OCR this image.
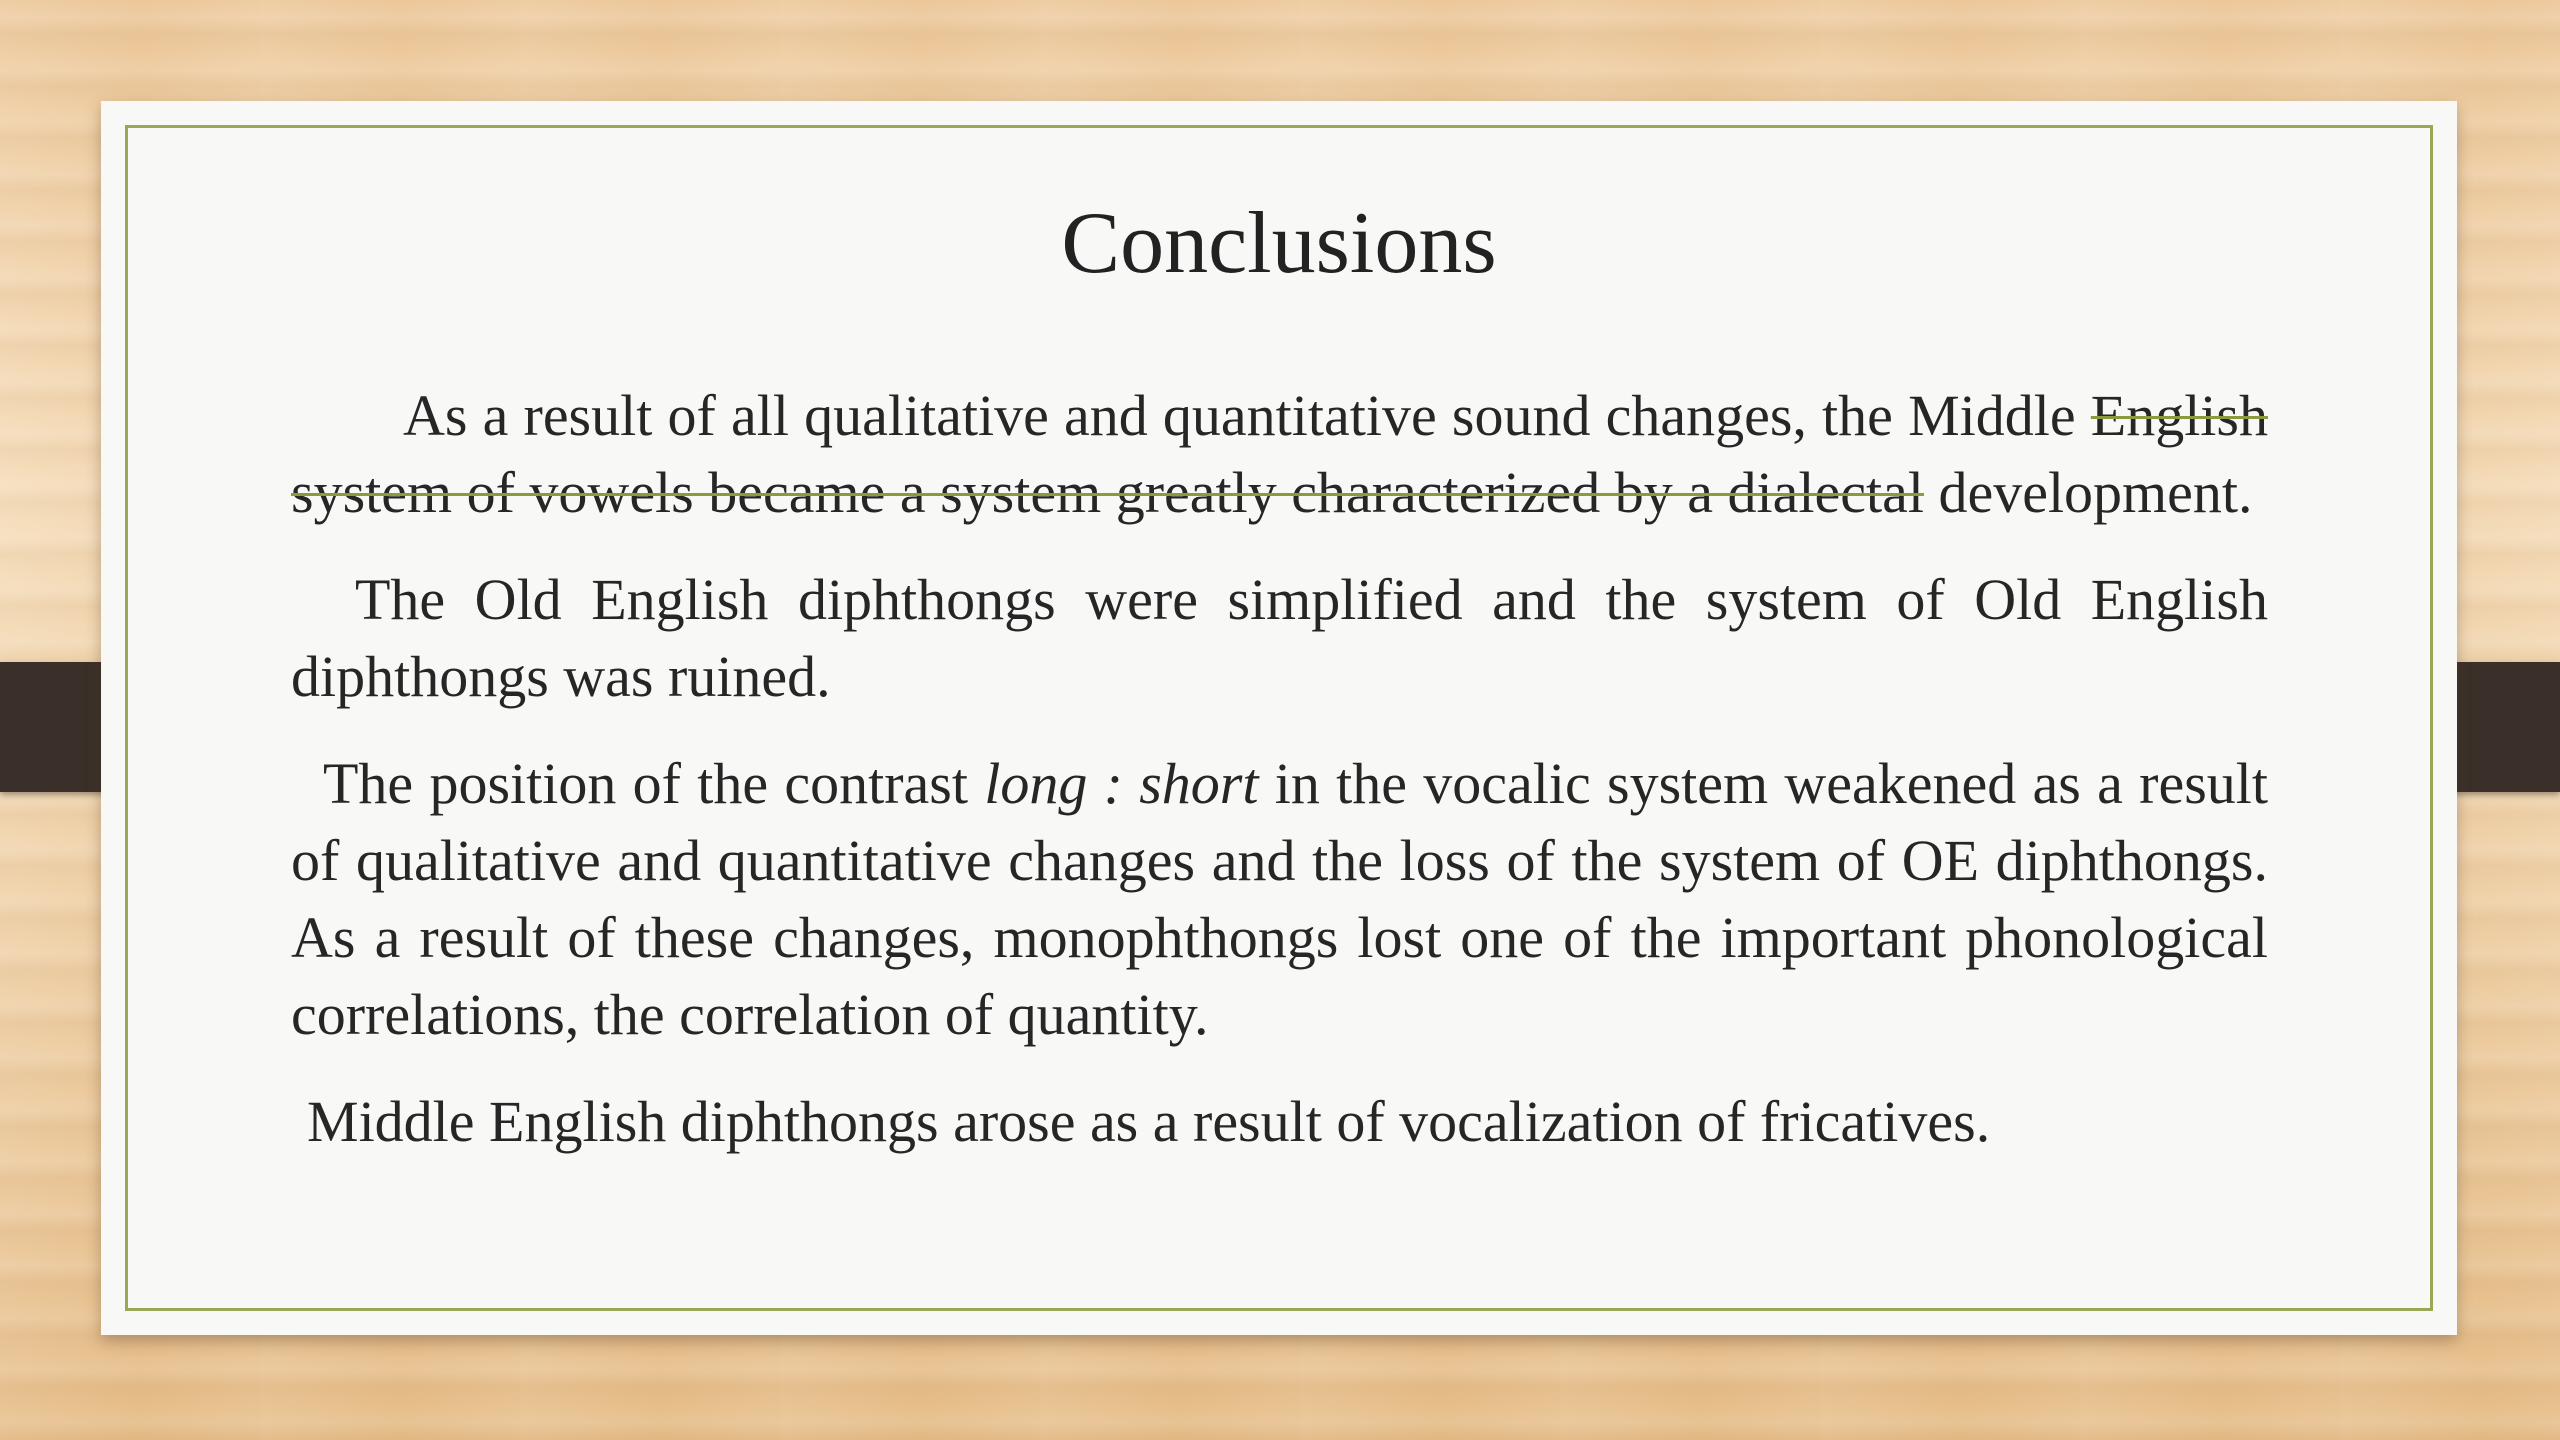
Conclusions

As a result of all qualitative and quantitative sound changes, the Middle English system of vowels became a system greatly characterized by a dialectal development.

The Old English diphthongs were simplified and the system of Old English diphthongs was ruined.

The position of the contrast long : short in the vocalic system weakened as a result of qualitative and quantitative changes and the loss of the system of OE diphthongs. As a result of these changes, monophthongs lost one of the important phonological correlations, the correlation of quantity.

Middle English diphthongs arose as a result of vocalization of fricatives.
